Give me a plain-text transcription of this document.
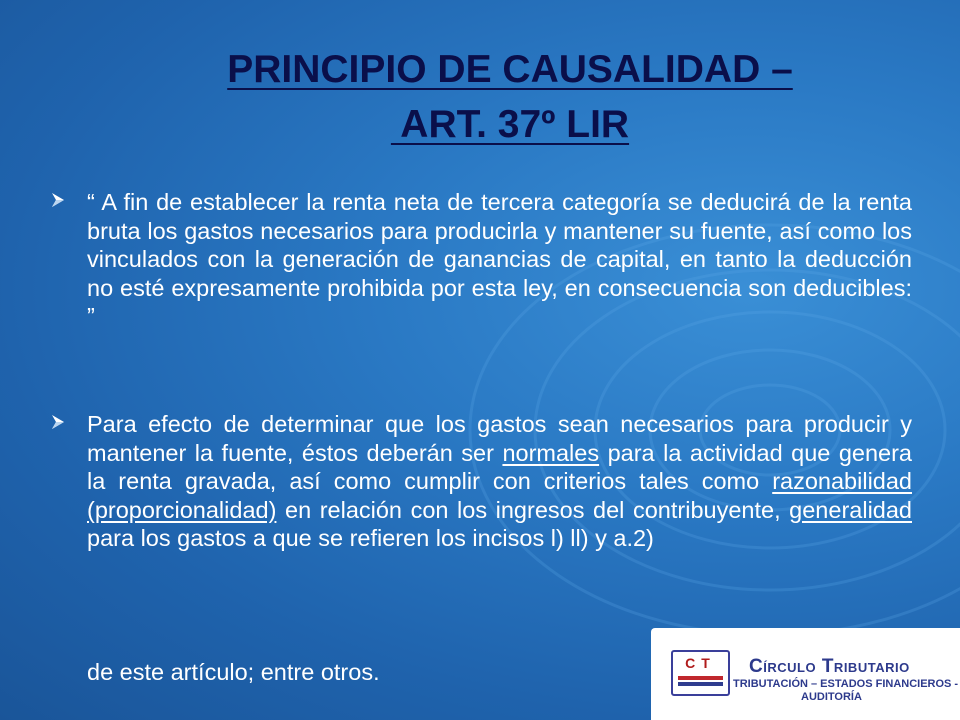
PRINCIPIO DE CAUSALIDAD –
ART. 37º LIR
“ A fin de establecer la renta neta de tercera categoría se deducirá de la renta bruta los gastos necesarios para producirla y mantener su fuente, así como los vinculados con la generación de ganancias de capital, en tanto la deducción no esté expresamente prohibida por esta ley, en consecuencia son deducibles: ”
Para efecto de determinar que los gastos sean necesarios para producir y mantener la fuente, éstos deberán ser normales para la actividad que genera la renta gravada, así como cumplir con criterios tales como razonabilidad (proporcionalidad) en relación con los ingresos del contribuyente, generalidad para los gastos a que se refieren los incisos l) ll) y a.2)
de este artículo; entre otros.	CT	Círculo Tributario
TRIBUTACIÓN – ESTADOS FINANCIEROS -
AUDITORÍA
